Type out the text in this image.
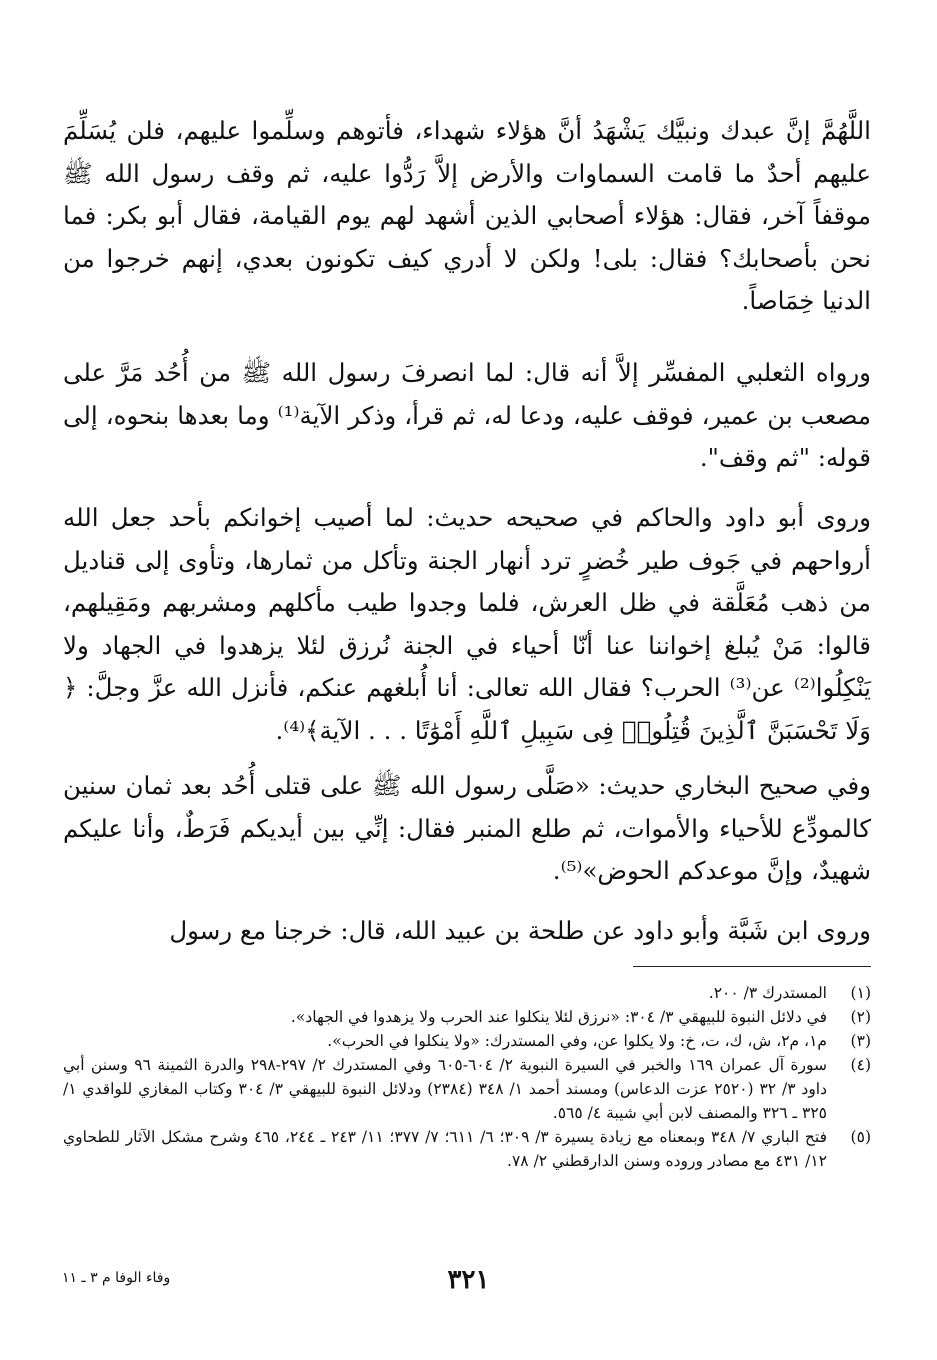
اللَّهُمَّ إنَّ عبدك ونبيَّك يَشْهَدُ أنَّ هؤلاء شهداء، فأتوهم وسلِّموا عليهم، فلن يُسَلِّمَ عليهم أحدٌ ما قامت السماوات والأرض إلاَّ رَدُّوا عليه، ثم وقف رسول الله ﷺ موقفاً آخر، فقال: هؤلاء أصحابي الذين أشهد لهم يوم القيامة، فقال أبو بكر: فما نحن بأصحابك؟ فقال: بلى! ولكن لا أدري كيف تكونون بعدي، إنهم خرجوا من الدنيا خِمَاصاً.

ورواه الثعلبي المفسِّر إلاَّ أنه قال: لما انصرفَ رسول الله ﷺ من أُحُد مَرَّ على مصعب بن عمير، فوقف عليه، ودعا له، ثم قرأ، وذكر الآية⁽¹⁾ وما بعدها بنحوه، إلى قوله: "ثم وقف".

وروى أبو داود والحاكم في صحيحه حديث: لما أصيب إخوانكم بأحد جعل الله أرواحهم في جَوف طير خُضرٍ ترد أنهار الجنة وتأكل من ثمارها، وتأوى إلى قناديل من ذهب مُعَلَّقة في ظل العرش، فلما وجدوا طيب مأكلهم ومشربهم ومَقِيلهم، قالوا: مَنْ يُبلغ إخواننا عنا أنّا أحياء في الجنة نُرزق لئلا يزهدوا في الجهاد ولا يَنْكِلُوا⁽²⁾ عن⁽³⁾ الحرب؟ فقال الله تعالى: أنا أُبلغهم عنكم، فأنزل الله عزَّ وجلَّ: ﴿ وَلَا تَحْسَبَنَّ ٱلَّذِينَ قُتِلُوا۟ فِى سَبِيلِ ٱللَّهِ أَمْوَٰتًا . . . الآية﴾⁽⁴⁾.

وفي صحيح البخاري حديث: «صَلَّى رسول الله ﷺ على قتلى أُحُد بعد ثمان سنين كالمودِّع للأحياء والأموات، ثم طلع المنبر فقال: إنِّي بين أيديكم فَرَطٌ، وأنا عليكم شهيدٌ، وإنَّ موعدكم الحوض»⁽⁵⁾.

وروى ابن شَبَّة وأبو داود عن طلحة بن عبيد الله، قال: خرجنا مع رسول

(١)
المستدرك ٣/ ٢٠٠.
(٢)
في دلائل النبوة للبيهقي ٣/ ٣٠٤: «نرزق لئلا ينكلوا عند الحرب ولا يزهدوا في الجهاد».
(٣)
م١، م٢، ش، ك، ت، خ: ولا يكلوا عن، وفي المستدرك: «ولا ينكلوا في الحرب».
(٤)
سورة آل عمران ١٦٩ والخبر في السيرة النبوية ٢/ ٦٠٤-٦٠٥ وفي المستدرك ٢/ ٢٩٧-٢٩٨ والدرة الثمينة ٩٦ وسنن أبي داود ٣/ ٣٢ (٢٥٢٠ عزت الدعاس) ومسند أحمد ١/ ٣٤٨ (٢٣٨٤) ودلائل النبوة للبيهقي ٣/ ٣٠٤ وكتاب المغازي للواقدي ١/ ٣٢٥ ـ ٣٢٦ والمصنف لابن أبي شيبة ٤/ ٥٦٥.
(٥)
فتح الباري ٧/ ٣٤٨ وبمعناه مع زيادة يسيرة ٣/ ٣٠٩؛ ٦/ ٦١١؛ ٧/ ٣٧٧؛ ١١/ ٢٤٣ ـ ٢٤٤، ٤٦٥ وشرح مشكل الآثار للطحاوي ١٢/ ٤٣١ مع مصادر وروده وسنن الدارقطني ٢/ ٧٨.
٣٢١
وفاء الوفا م ٣ ـ ١١
